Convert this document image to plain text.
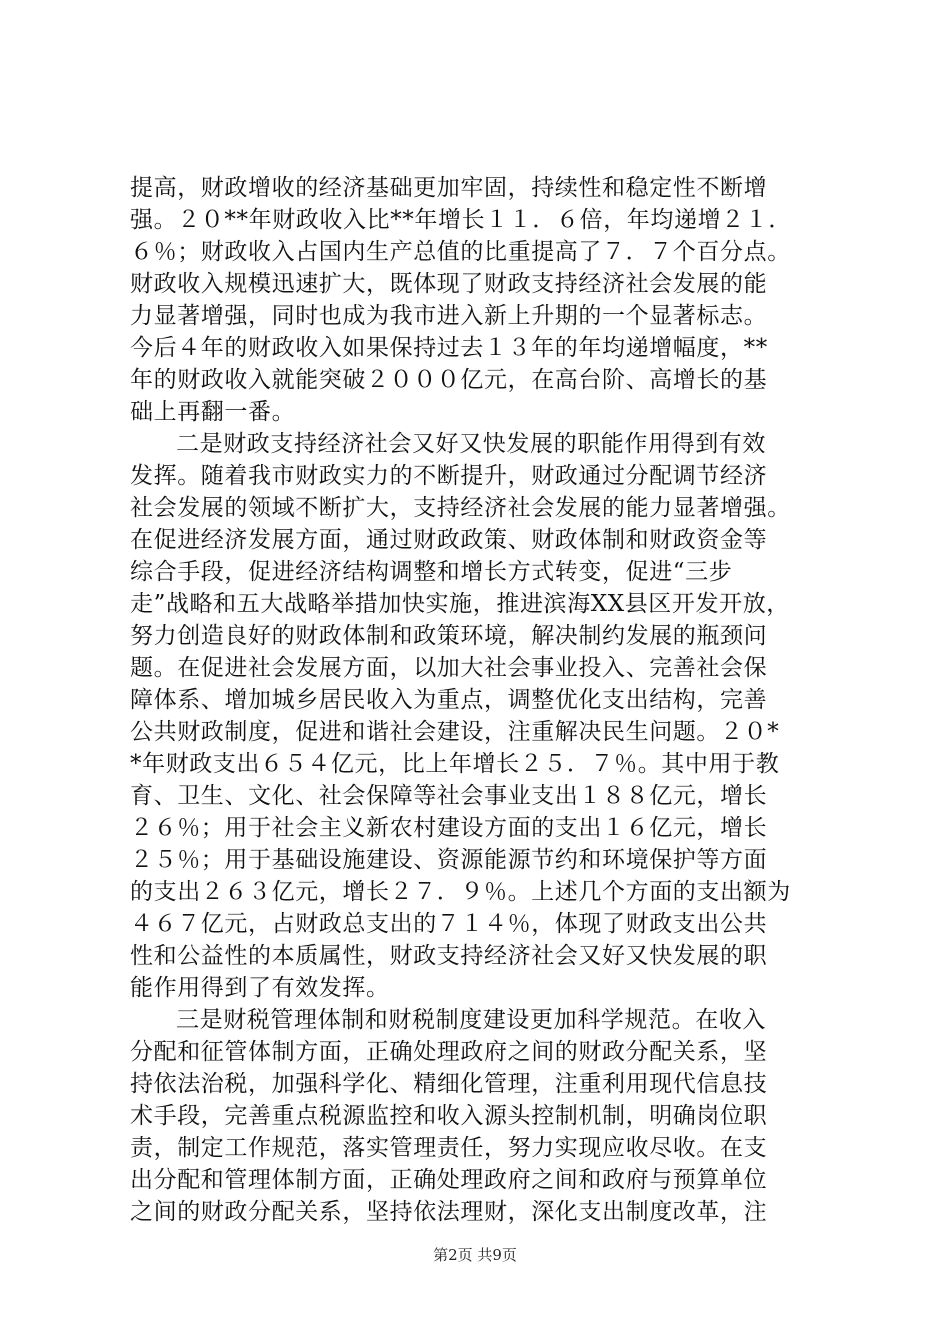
提高，财政增收的经济基础更加牢固，持续性和稳定性不断增
强。２０**年财政收入比**年增长１１．６倍，年均递增２１．
６％；财政收入占国内生产总值的比重提高了７．７个百分点。
财政收入规模迅速扩大，既体现了财政支持经济社会发展的能
力显著增强，同时也成为我市进入新上升期的一个显著标志。
今后４年的财政收入如果保持过去１３年的年均递增幅度，**
年的财政收入就能突破２０００亿元，在高台阶、高增长的基
础上再翻一番。
二是财政支持经济社会又好又快发展的职能作用得到有效
发挥。随着我市财政实力的不断提升，财政通过分配调节经济
社会发展的领域不断扩大，支持经济社会发展的能力显著增强。
在促进经济发展方面，通过财政政策、财政体制和财政资金等
综合手段，促进经济结构调整和增长方式转变，促进“三步
走”战略和五大战略举措加快实施，推进滨海XX县区开发开放，
努力创造良好的财政体制和政策环境，解决制约发展的瓶颈问
题。在促进社会发展方面，以加大社会事业投入、完善社会保
障体系、增加城乡居民收入为重点，调整优化支出结构，完善
公共财政制度，促进和谐社会建设，注重解决民生问题。２０*
*年财政支出６５４亿元，比上年增长２５．７％。其中用于教
育、卫生、文化、社会保障等社会事业支出１８８亿元，增长
２６％；用于社会主义新农村建设方面的支出１６亿元，增长
２５％；用于基础设施建设、资源能源节约和环境保护等方面
的支出２６３亿元，增长２７．９％。上述几个方面的支出额为
４６７亿元，占财政总支出的７１４％，体现了财政支出公共
性和公益性的本质属性，财政支持经济社会又好又快发展的职
能作用得到了有效发挥。
三是财税管理体制和财税制度建设更加科学规范。在收入
分配和征管体制方面，正确处理政府之间的财政分配关系，坚
持依法治税，加强科学化、精细化管理，注重利用现代信息技
术手段，完善重点税源监控和收入源头控制机制，明确岗位职
责，制定工作规范，落实管理责任，努力实现应收尽收。在支
出分配和管理体制方面，正确处理政府之间和政府与预算单位
之间的财政分配关系，坚持依法理财，深化支出制度改革，注
第2页 共9页
